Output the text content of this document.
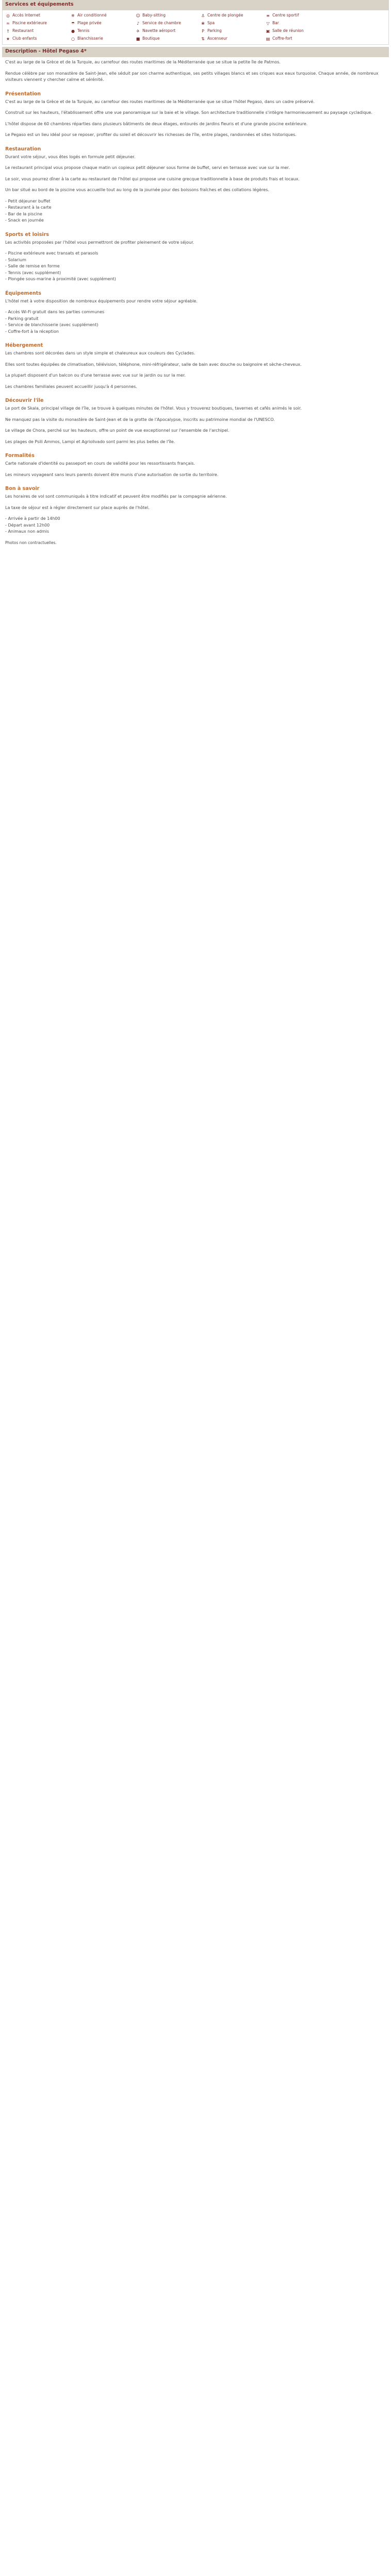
Services et équipements
◎ Accès Internet	❄ Air conditionné	☺ Baby-sitting	⚓ Centre de plongée	≡ Centre sportif
≈ Piscine extérieure	☂ Plage privée	♪ Service de chambre	❀ Spa	▽ Bar
† Restaurant	● Tennis	✈ Navette aéroport	P Parking	▣ Salle de réunion
★ Club enfants	○ Blanchisserie	■ Boutique	⇅ Ascenseur	▤ Coffre-fort
Description - Hôtel Pegaso 4*

C'est au large de la Grèce et de la Turquie, au carrefour des routes maritimes de la Méditerranée que se situe la petite île de Patmos.

Rendue célèbre par son monastère de Saint-Jean, elle séduit par son charme authentique, ses petits villages blancs et ses criques aux eaux turquoise. Chaque année, de nombreux visiteurs viennent y chercher calme et sérénité.

Présentation

C'est au large de la Grèce et de la Turquie, au carrefour des routes maritimes de la Méditerranée que se situe l'hôtel Pegaso, dans un cadre préservé.

Construit sur les hauteurs, l'établissement offre une vue panoramique sur la baie et le village. Son architecture traditionnelle s'intègre harmonieusement au paysage cycladique.

L'hôtel dispose de 60 chambres réparties dans plusieurs bâtiments de deux étages, entourés de jardins fleuris et d'une grande piscine extérieure.

Le Pegaso est un lieu idéal pour se reposer, profiter du soleil et découvrir les richesses de l'île, entre plages, randonnées et sites historiques.

Restauration

Durant votre séjour, vous êtes logés en formule petit déjeuner.

Le restaurant principal vous propose chaque matin un copieux petit déjeuner sous forme de buffet, servi en terrasse avec vue sur la mer.

Le soir, vous pourrez dîner à la carte au restaurant de l'hôtel qui propose une cuisine grecque traditionnelle à base de produits frais et locaux.

Un bar situé au bord de la piscine vous accueille tout au long de la journée pour des boissons fraîches et des collations légères.

- Petit déjeuner buffet
- Restaurant à la carte
- Bar de la piscine
- Snack en journée
Sports et loisirs

Les activités proposées par l'hôtel vous permettront de profiter pleinement de votre séjour.

- Piscine extérieure avec transats et parasols
- Solarium
- Salle de remise en forme
- Tennis (avec supplément)
- Plongée sous-marine à proximité (avec supplément)
Équipements

L'hôtel met à votre disposition de nombreux équipements pour rendre votre séjour agréable.

- Accès Wi-Fi gratuit dans les parties communes
- Parking gratuit
- Service de blanchisserie (avec supplément)
- Coffre-fort à la réception
Hébergement

Les chambres sont décorées dans un style simple et chaleureux aux couleurs des Cyclades.

Elles sont toutes équipées de climatisation, télévision, téléphone, mini-réfrigérateur, salle de bain avec douche ou baignoire et sèche-cheveux.

La plupart disposent d'un balcon ou d'une terrasse avec vue sur le jardin ou sur la mer.

Les chambres familiales peuvent accueillir jusqu'à 4 personnes.

Découvrir l'île

Le port de Skala, principal village de l'île, se trouve à quelques minutes de l'hôtel. Vous y trouverez boutiques, tavernes et cafés animés le soir.

Ne manquez pas la visite du monastère de Saint-Jean et de la grotte de l'Apocalypse, inscrits au patrimoine mondial de l'UNESCO.

Le village de Chora, perché sur les hauteurs, offre un point de vue exceptionnel sur l'ensemble de l'archipel.

Les plages de Psili Ammos, Lampi et Agriolivado sont parmi les plus belles de l'île.

Formalités

Carte nationale d'identité ou passeport en cours de validité pour les ressortissants français.

Les mineurs voyageant sans leurs parents doivent être munis d'une autorisation de sortie du territoire.

Bon à savoir

Les horaires de vol sont communiqués à titre indicatif et peuvent être modifiés par la compagnie aérienne.

La taxe de séjour est à régler directement sur place auprès de l'hôtel.

- Arrivée à partir de 14h00
- Départ avant 12h00
- Animaux non admis

Photos non contractuelles.
